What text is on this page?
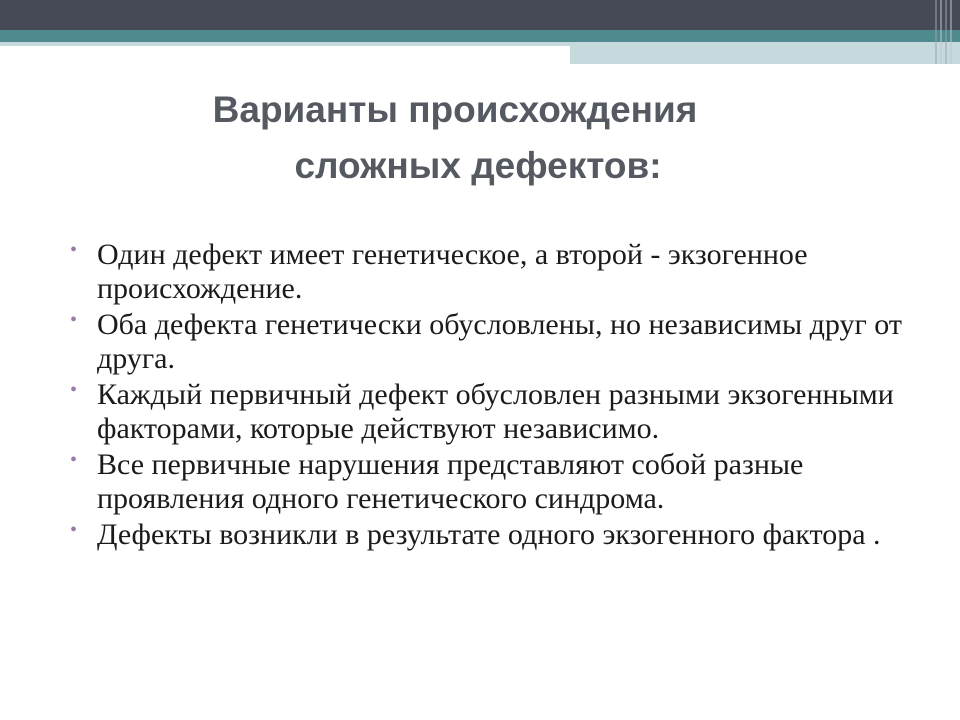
Варианты происхождения
сложных дефектов:
• Один дефект имеет генетическое, а второй - экзогенное происхождение.
• Оба дефекта генетически обусловлены, но независимы друг от друга.
• Каждый первичный дефект обусловлен разными экзогенными факторами, которые действуют независимо.
• Все первичные нарушения представляют собой разные проявления одного генетического синдрома.
• Дефекты возникли в результате одного экзогенного фактора .
